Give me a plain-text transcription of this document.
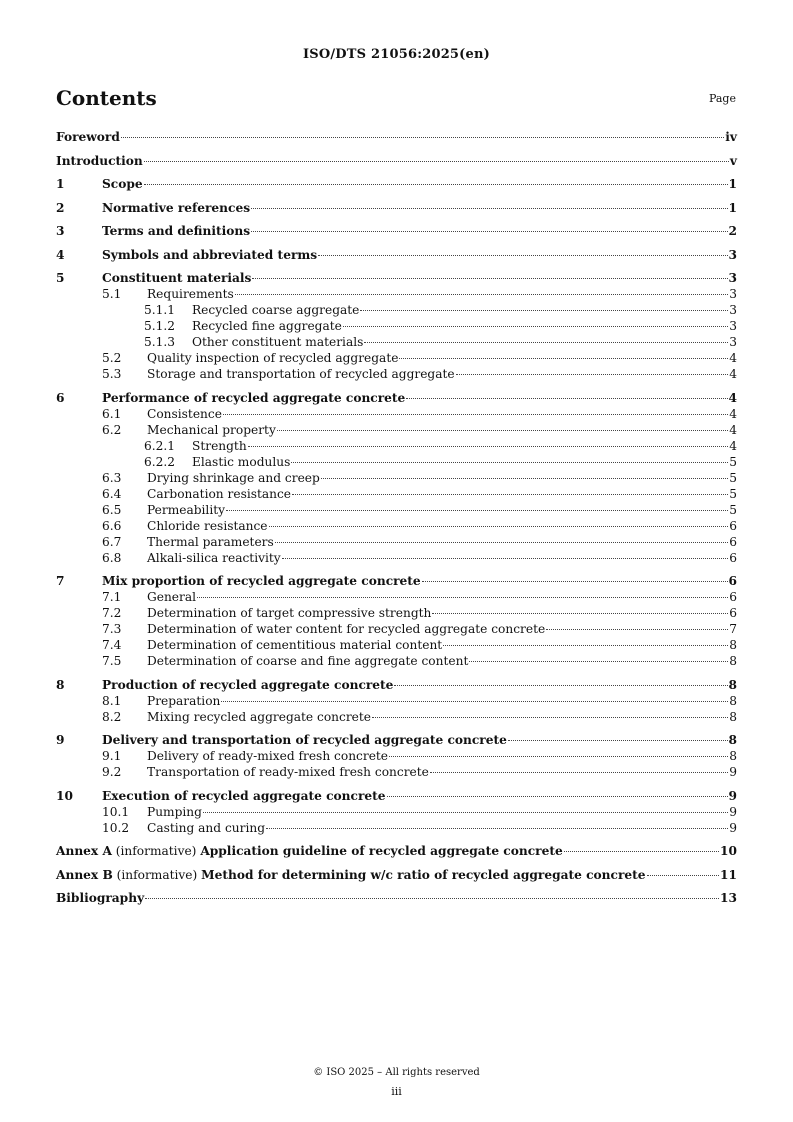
ISO/DTS 21056:2025(en)
Contents	Page
Foreword	iv
Introduction	v
1	Scope	1
2	Normative references	1
3	Terms and definitions	2
4	Symbols and abbreviated terms	3
5	Constituent materials	3
5.1	Requirements	3
5.1.1	Recycled coarse aggregate	3
5.1.2	Recycled fine aggregate	3
5.1.3	Other constituent materials	3
5.2	Quality inspection of recycled aggregate	4
5.3	Storage and transportation of recycled aggregate	4
6	Performance of recycled aggregate concrete	4
6.1	Consistence	4
6.2	Mechanical property	4
6.2.1	Strength	4
6.2.2	Elastic modulus	5
6.3	Drying shrinkage and creep	5
6.4	Carbonation resistance	5
6.5	Permeability	5
6.6	Chloride resistance	6
6.7	Thermal parameters	6
6.8	Alkali-silica reactivity	6
7	Mix proportion of recycled aggregate concrete	6
7.1	General	6
7.2	Determination of target compressive strength	6
7.3	Determination of water content for recycled aggregate concrete	7
7.4	Determination of cementitious material content	8
7.5	Determination of coarse and fine aggregate content	8
8	Production of recycled aggregate concrete	8
8.1	Preparation	8
8.2	Mixing recycled aggregate concrete	8
9	Delivery and transportation of recycled aggregate concrete	8
9.1	Delivery of ready-mixed fresh concrete	8
9.2	Transportation of ready-mixed fresh concrete	9
10	Execution of recycled aggregate concrete	9
10.1	Pumping	9
10.2	Casting and curing	9
Annex A (informative) Application guideline of recycled aggregate concrete	10
Annex B (informative) Method for determining w/c ratio of recycled aggregate concrete	11
Bibliography	13
© ISO 2025 – All rights reserved
iii
